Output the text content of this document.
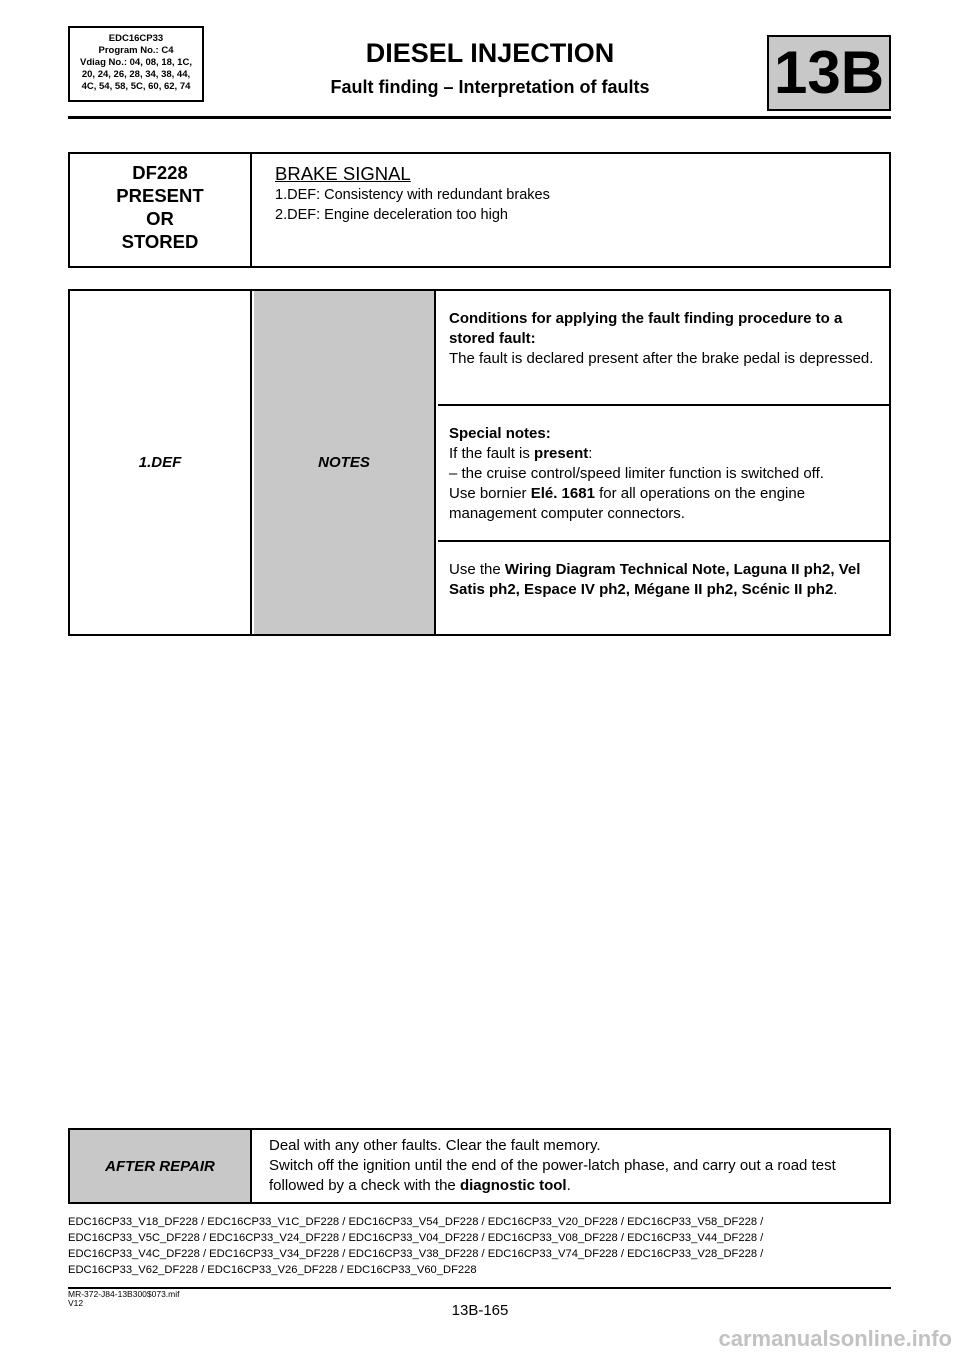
EDC16CP33
Program No.: C4
Vdiag No.: 04, 08, 18, 1C,
20, 24, 26, 28, 34, 38, 44,
4C, 54, 58, 5C, 60, 62, 74
DIESEL INJECTION
Fault finding – Interpretation of faults	13B
DF228
PRESENT
OR
STORED
BRAKE SIGNAL
1.DEF: Consistency with redundant brakes
2.DEF: Engine deceleration too high
1.DEF	NOTES
Conditions for applying the fault finding procedure to a stored fault:
The fault is declared present after the brake pedal is depressed.
Special notes:
If the fault is present:
– the cruise control/speed limiter function is switched off.
Use bornier Elé. 1681 for all operations on the engine management computer connectors.
Use the Wiring Diagram Technical Note, Laguna II ph2, Vel Satis ph2, Espace IV ph2, Mégane II ph2, Scénic II ph2.
AFTER REPAIR
Deal with any other faults. Clear the fault memory.
Switch off the ignition until the end of the power-latch phase, and carry out a road test followed by a check with the diagnostic tool.
EDC16CP33_V18_DF228 / EDC16CP33_V1C_DF228 / EDC16CP33_V54_DF228 / EDC16CP33_V20_DF228 / EDC16CP33_V58_DF228 /
EDC16CP33_V5C_DF228 / EDC16CP33_V24_DF228 / EDC16CP33_V04_DF228 / EDC16CP33_V08_DF228 / EDC16CP33_V44_DF228 /
EDC16CP33_V4C_DF228 / EDC16CP33_V34_DF228 / EDC16CP33_V38_DF228 / EDC16CP33_V74_DF228 / EDC16CP33_V28_DF228 /
EDC16CP33_V62_DF228 / EDC16CP33_V26_DF228 / EDC16CP33_V60_DF228
MR-372-J84-13B300$073.mif
V12	13B-165
carmanualsonline.info
